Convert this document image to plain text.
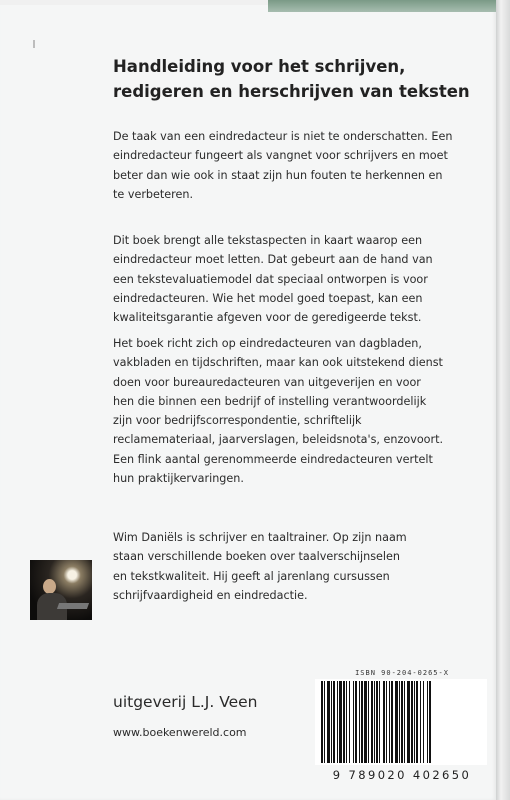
Handleiding voor het schrijven,
redigeren en herschrijven van teksten
De taak van een eindredacteur is niet te onderschatten. Een
eindredacteur fungeert als vangnet voor schrijvers en moet
beter dan wie ook in staat zijn hun fouten te herkennen en
te verbeteren.
Dit boek brengt alle tekstaspecten in kaart waarop een
eindredacteur moet letten. Dat gebeurt aan de hand van
een tekstevaluatiemodel dat speciaal ontworpen is voor
eindredacteuren. Wie het model goed toepast, kan een
kwaliteitsgarantie afgeven voor de geredigeerde tekst.
Het boek richt zich op eindredacteuren van dagbladen,
vakbladen en tijdschriften, maar kan ook uitstekend dienst
doen voor bureauredacteuren van uitgeverijen en voor
hen die binnen een bedrijf of instelling verantwoordelijk
zijn voor bedrijfscorrespondentie, schriftelijk
reclamemateriaal, jaarverslagen, beleidsnota's, enzovoort.
Een flink aantal gerenommeerde eindredacteuren vertelt
hun praktijkervaringen.
Wim Daniëls is schrijver en taaltrainer. Op zijn naam
staan verschillende boeken over taalverschijnselen
en tekstkwaliteit. Hij geeft al jarenlang cursussen
schrijfvaardigheid en eindredactie.

uitgeverij L.J. Veen

www.boekenwereld.com

ISBN 90-204-0265-X

9 789020 402650
